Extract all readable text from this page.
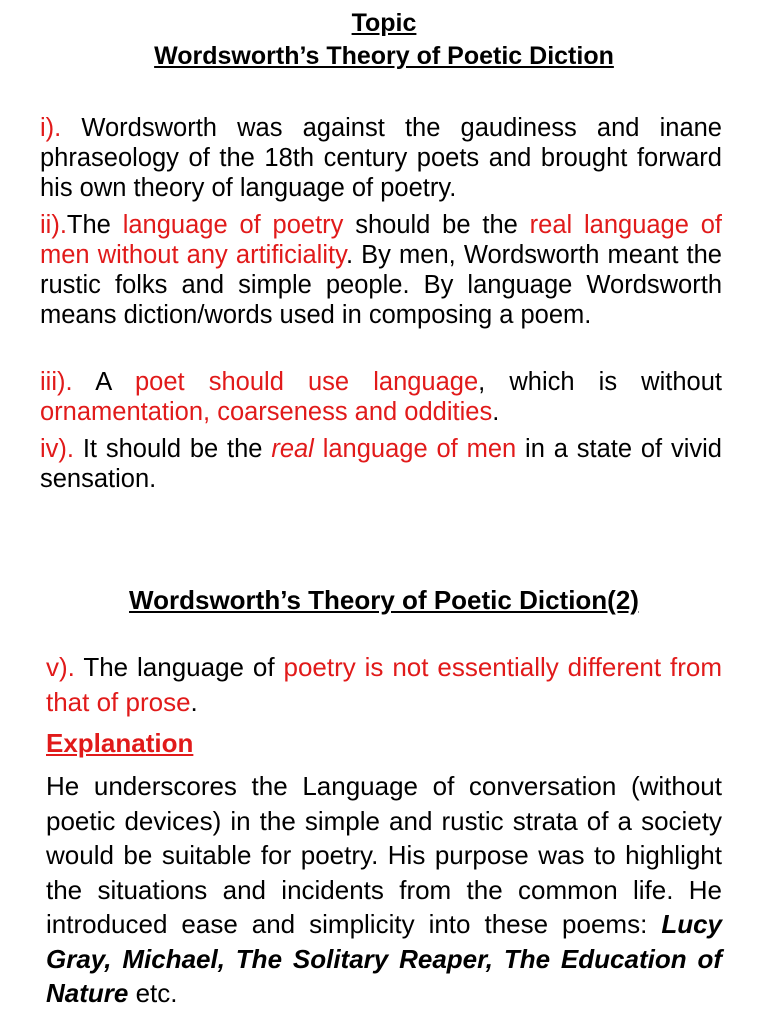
Topic
Wordsworth’s Theory of Poetic Diction
i). Wordsworth was against the gaudiness and inane phraseology of the 18th century poets and brought forward his own theory of language of poetry.
ii).The language of poetry should be the real language of men without any artificiality. By men, Wordsworth meant the rustic folks and simple people. By language Wordsworth means diction/words used in composing a poem.
iii). A poet should use language, which is without ornamentation, coarseness and oddities.
iv). It should be the real language of men in a state of vivid sensation.
Wordsworth’s Theory of Poetic Diction(2)
v). The language of poetry is not essentially different from that of prose.
Explanation
He underscores the Language of conversation (without poetic devices) in the simple and rustic strata of a society would be suitable for poetry. His purpose was to highlight the situations and incidents from the common life. He introduced ease and simplicity into these poems: Lucy Gray, Michael, The Solitary Reaper, The Education of Nature etc.
